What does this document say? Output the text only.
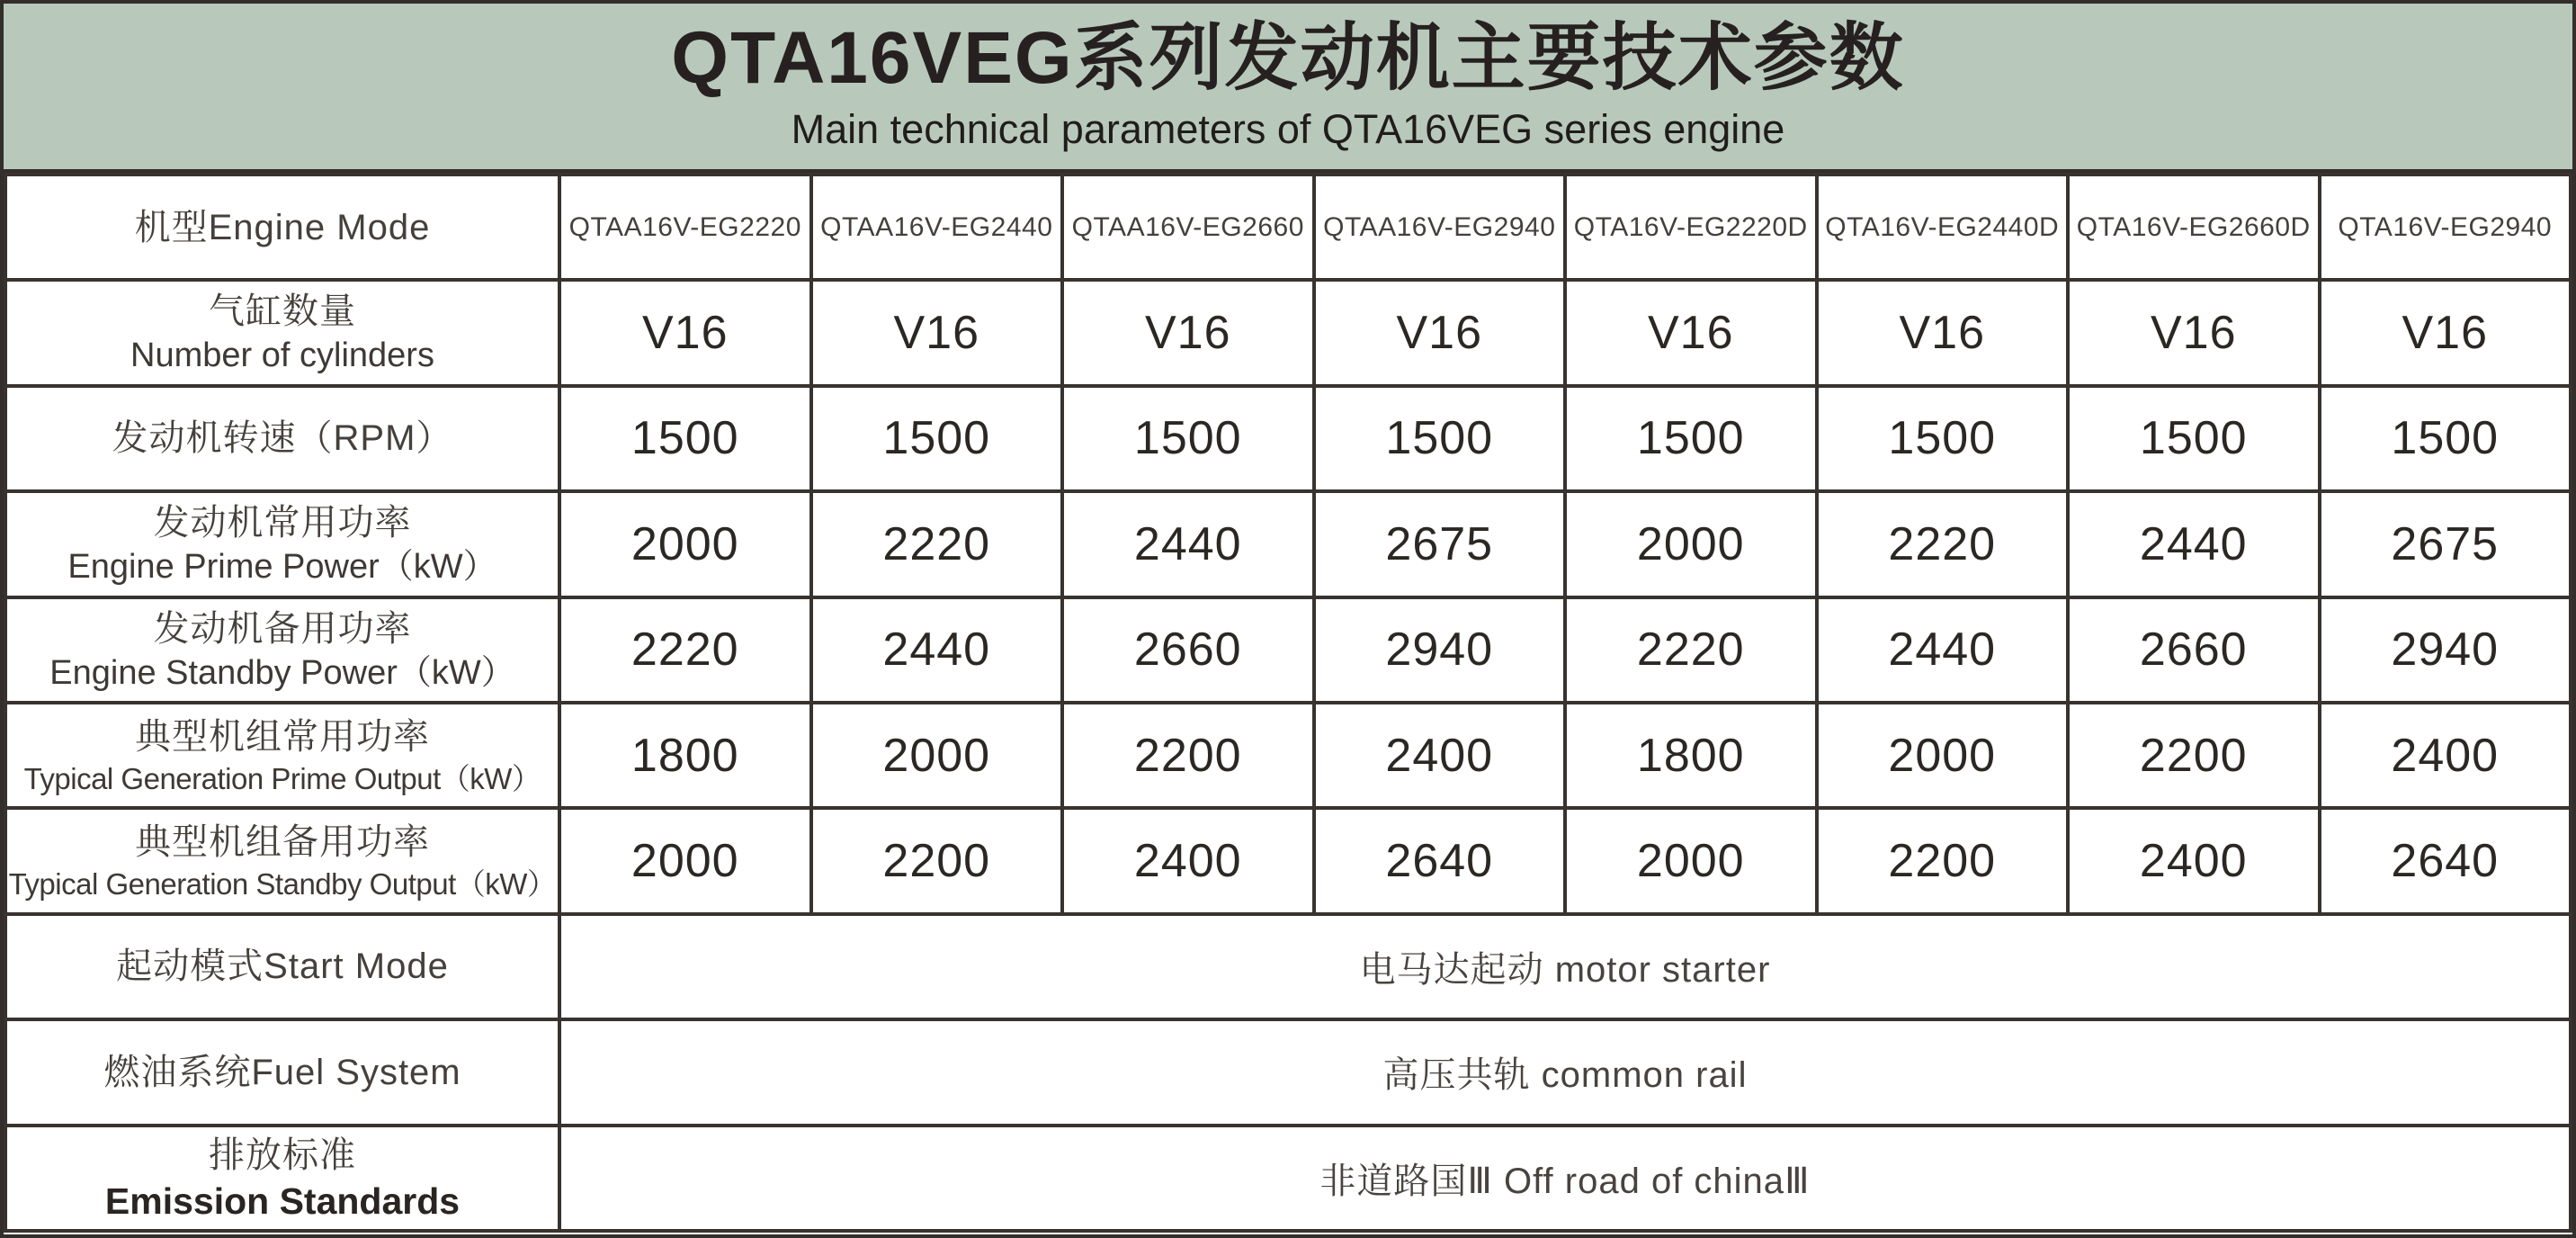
QTA16VEG系列发动机主要技术参数
Main technical parameters of QTA16VEG series engine
机型Engine Mode	QTAA16V-EG2220	QTAA16V-EG2440	QTAA16V-EG2660	QTAA16V-EG2940	QTA16V-EG2220D	QTA16V-EG2440D	QTA16V-EG2660D	QTA16V-EG2940

气缸数量
Number of cylinders	V16	V16	V16	V16	V16	V16	V16	V16

发动机转速（RPM）	1500	1500	1500	1500	1500	1500	1500	1500

发动机常用功率
Engine Prime Power（kW）	2000	2220	2440	2675	2000	2220	2440	2675

发动机备用功率
Engine Standby Power（kW）	2220	2440	2660	2940	2220	2440	2660	2940

典型机组常用功率
Typical Generation Prime Output（kW）	1800	2000	2200	2400	1800	2000	2200	2400

典型机组备用功率
Typical Generation Standby Output（kW）	2000	2200	2400	2640	2000	2200	2400	2640

起动模式Start Mode	电马达起动 motor starter							

燃油系统Fuel System	高压共轨 common rail							

排放标准
Emission Standards	非道路国Ⅲ Off road of chinaⅢ							
